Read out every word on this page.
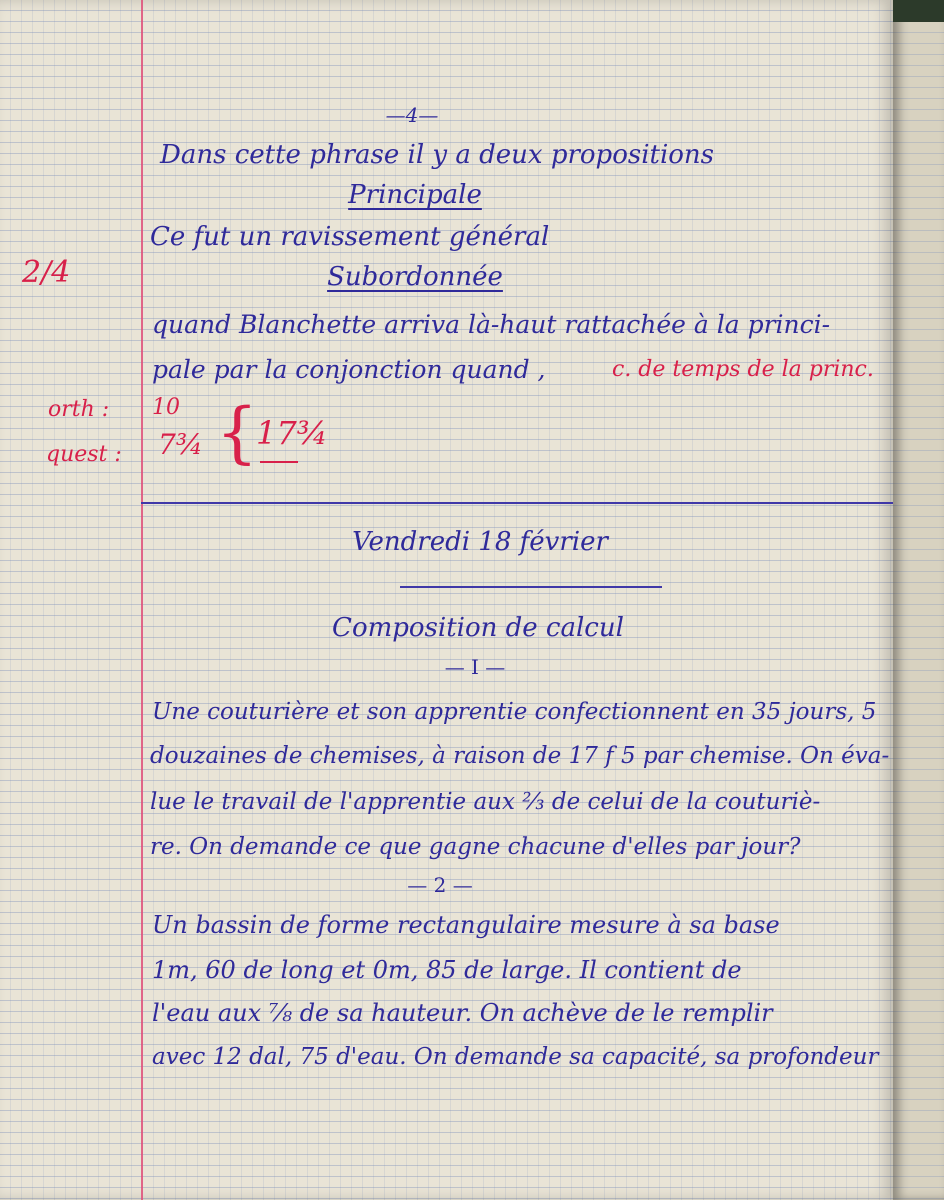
—4—
Dans cette phrase il y a deux propositions
Principale
Ce fut un ravissement général
Subordonnée
quand Blanchette arriva là-haut rattachée à la princi-
pale par la conjonction quand ,	c. de temps de la princ.
2/4
orth : 10
quest : 7¾ {
17¾
Vendredi 18 février
Composition de calcul
— I —
Une couturière et son apprentie confectionnent en 35 jours, 5
douzaines de chemises, à raison de 17 f 5 par chemise. On éva-
lue le travail de l'apprentie aux ⅔ de celui de la couturiè-
re. On demande ce que gagne chacune d'elles par jour?
— 2 —
Un bassin de forme rectangulaire mesure à sa base
1m, 60 de long et 0m, 85 de large. Il contient de
l'eau aux ⅞ de sa hauteur. On achève de le remplir
avec 12 dal, 75 d'eau. On demande sa capacité, sa profondeur
